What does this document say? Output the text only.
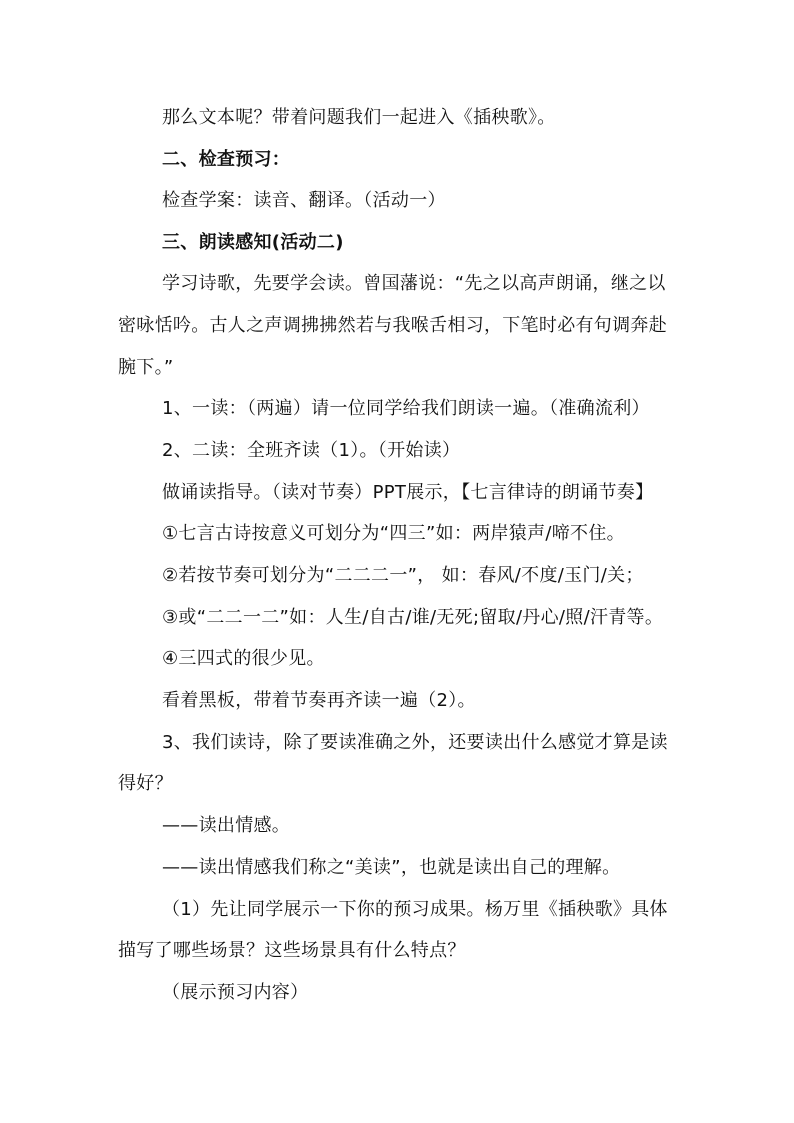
那么文本呢？带着问题我们一起进入《插秧歌》。
二、检查预习：
检查学案：读音、翻译。（活动一）
三、朗读感知(活动二)
学习诗歌，先要学会读。曾国藩说：“先之以高声朗诵，继之以
密咏恬吟。古人之声调拂拂然若与我喉舌相习，下笔时必有句调奔赴
腕下。”
1、一读：（两遍）请一位同学给我们朗读一遍。（准确流利）
2、二读：全班齐读（1）。（开始读）
做诵读指导。（读对节奏）PPT展示，【七言律诗的朗诵节奏】
①七言古诗按意义可划分为“四三”如：两岸猿声/啼不住。
②若按节奏可划分为“二二二一”， 如：春风/不度/玉门/关；
③或“二二一二”如：人生/自古/谁/无死;留取/丹心/照/汗青等。
④三四式的很少见。
看着黑板，带着节奏再齐读一遍（2）。
3、我们读诗，除了要读准确之外，还要读出什么感觉才算是读
得好？
——读出情感。
——读出情感我们称之“美读”，也就是读出自己的理解。
（1）先让同学展示一下你的预习成果。杨万里《插秧歌》具体
描写了哪些场景？这些场景具有什么特点？
（展示预习内容）
